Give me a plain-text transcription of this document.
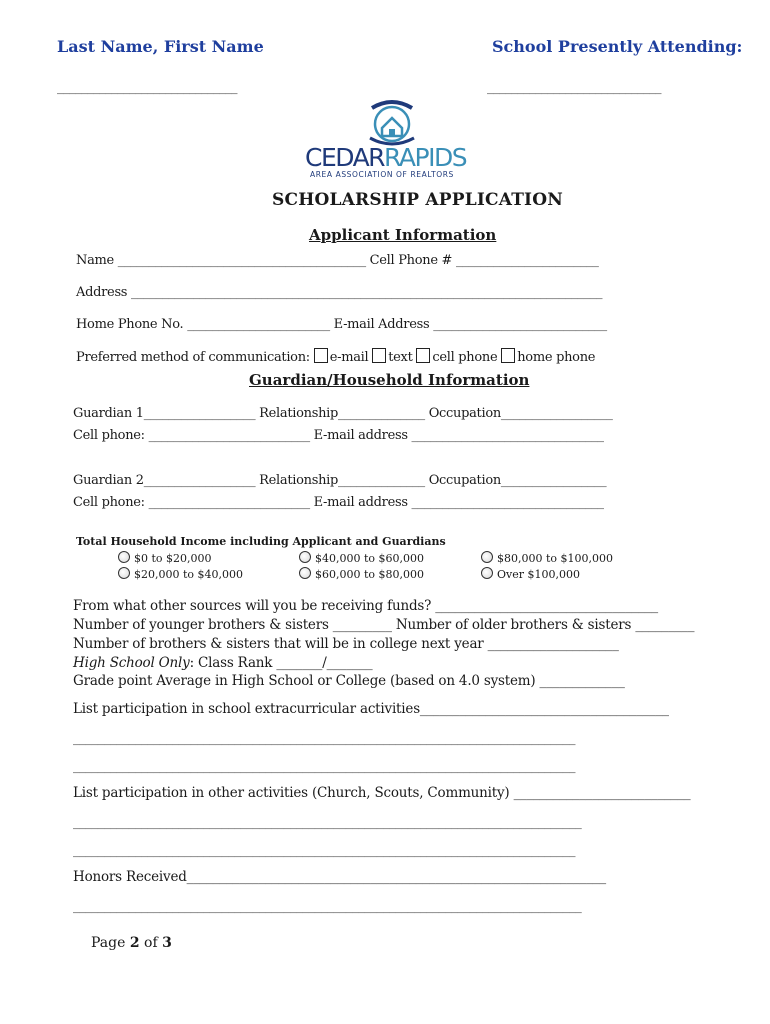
Last Name, First Name	School Presently Attending:
______________________________	_____________________________
CEDARRAPIDS
AREA ASSOCIATION OF REALTORS
SCHOLARSHIP APPLICATION
Applicant Information
Name ________________________________________ Cell Phone # _______________________
Address ____________________________________________________________________________
Home Phone No. _______________________ E-mail Address ____________________________
Preferred method of communication: e-mail text cell phone home phone
Guardian/Household Information
Guardian 1__________________ Relationship______________ Occupation__________________
Cell phone: __________________________ E-mail address _______________________________
Guardian 2__________________ Relationship______________ Occupation_________________
Cell phone: __________________________ E-mail address _______________________________
Total Household Income including Applicant and Guardians
$0 to $20,000
$20,000 to $40,000
$40,000 to $60,000
$60,000 to $80,000
$80,000 to $100,000
Over $100,000
From what other sources will you be receiving funds? __________________________________
Number of younger brothers & sisters _________ Number of older brothers & sisters _________
Number of brothers & sisters that will be in college next year ____________________
High School Only: Class Rank _______/_______
Grade point Average in High School or College (based on 4.0 system) _____________
List participation in school extracurricular activities______________________________________
_________________________________________________________________________________
_________________________________________________________________________________
List participation in other activities (Church, Scouts, Community) ___________________________
__________________________________________________________________________________
_________________________________________________________________________________
Honors Received________________________________________________________________
__________________________________________________________________________________
Page 2 of 3
